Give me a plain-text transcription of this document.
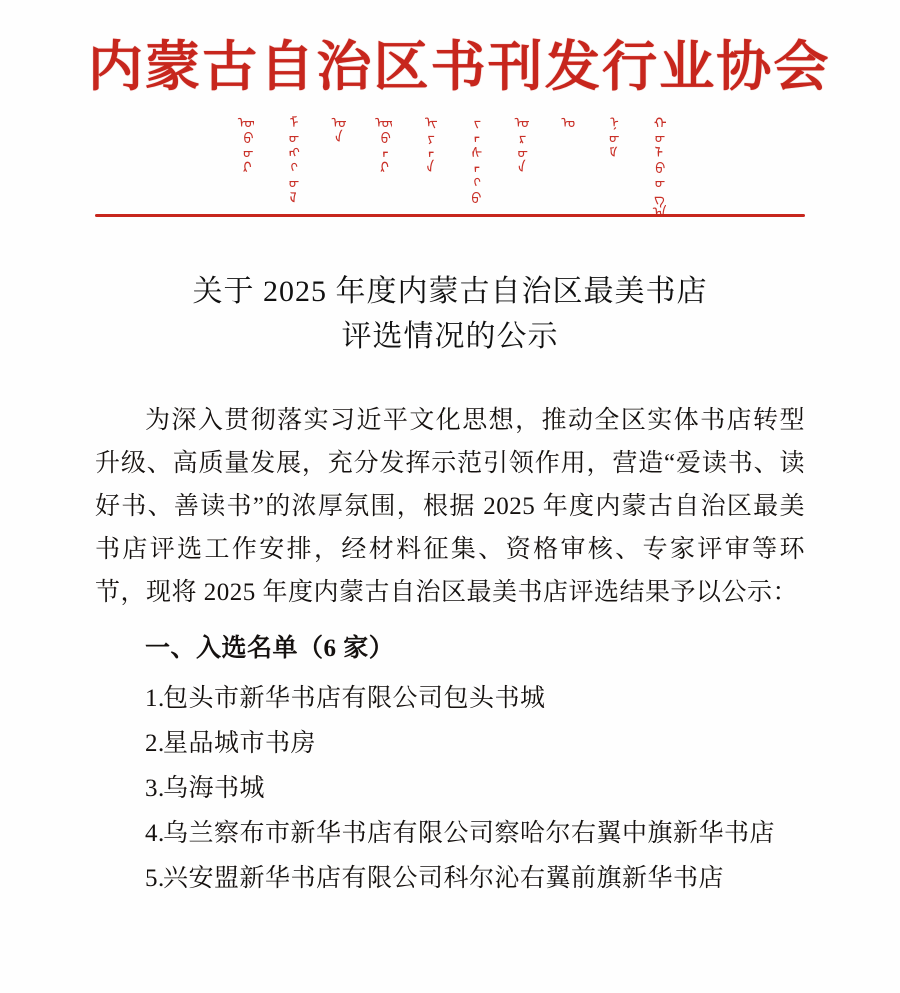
内蒙古自治区书刊发行业协会
ᠦᠪᠦᠷ ᠮᠣᠩᠭᠣᠯ ᠤᠨ ᠥᠪᠡᠷ ᠢᠶᠠᠨ ᠵᠠᠰᠠᠬᠤ ᠣᠷᠣᠨ ᠤ ᠨᠣᠮ ᠬᠣᠯᠪᠣᠭ᠎ᠠ
关于 2025 年度内蒙古自治区最美书店
评选情况的公示

为深入贯彻落实习近平文化思想，推动全区实体书店转型升级、高质量发展，充分发挥示范引领作用，营造“爱读书、读好书、善读书”的浓厚氛围，根据 2025 年度内蒙古自治区最美书店评选工作安排，经材料征集、资格审核、专家评审等环节，现将 2025 年度内蒙古自治区最美书店评选结果予以公示：

一、入选名单（6 家）
1.包头市新华书店有限公司包头书城
2.星品城市书房
3.乌海书城
4.乌兰察布市新华书店有限公司察哈尔右翼中旗新华书店
5.兴安盟新华书店有限公司科尔沁右翼前旗新华书店
